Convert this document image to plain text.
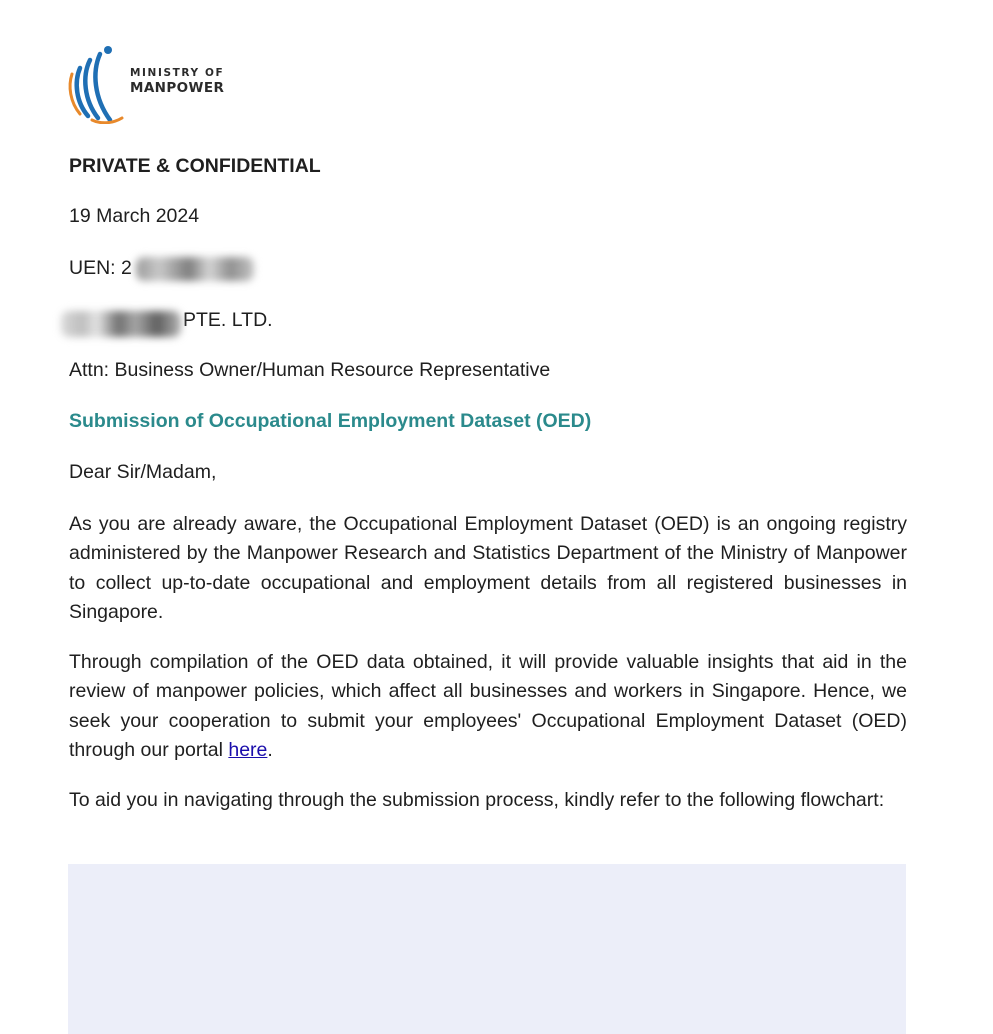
MINISTRY OF
MANPOWER
PRIVATE & CONFIDENTIAL
19 March 2024
UEN: 2
PTE. LTD.
Attn: Business Owner/Human Resource Representative
Submission of Occupational Employment Dataset (OED)
Dear Sir/Madam,
As you are already aware, the Occupational Employment Dataset (OED) is an ongoing registry administered by the Manpower Research and Statistics Department of the Ministry of Manpower to collect up-to-date occupational and employment details from all registered businesses in Singapore.
Through compilation of the OED data obtained, it will provide valuable insights that aid in the review of manpower policies, which affect all businesses and workers in Singapore. Hence, we seek your cooperation to submit your employees' Occupational Employment Dataset (OED) through our portal here.
To aid you in navigating through the submission process, kindly refer to the following flowchart:
